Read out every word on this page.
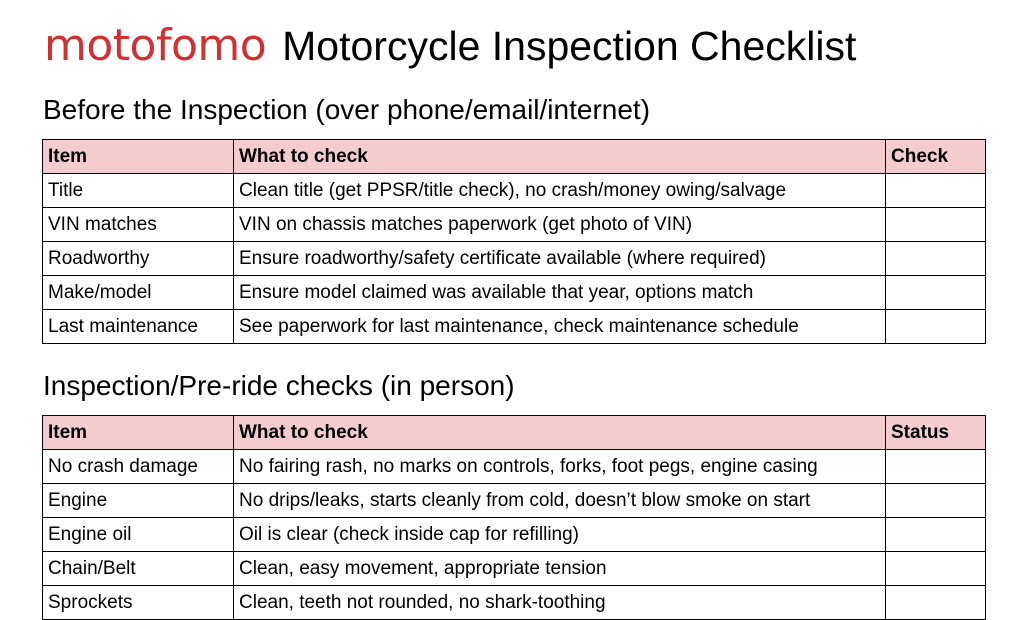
motofomo Motorcycle Inspection Checklist
Before the Inspection (over phone/email/internet)
Item	What to check	Check
Title	Clean title (get PPSR/title check), no crash/money owing/salvage	
VIN matches	VIN on chassis matches paperwork (get photo of VIN)	
Roadworthy	Ensure roadworthy/safety certificate available (where required)	
Make/model	Ensure model claimed was available that year, options match	
Last maintenance	See paperwork for last maintenance, check maintenance schedule	
Inspection/Pre-ride checks (in person)
Item	What to check	Status
No crash damage	No fairing rash, no marks on controls, forks, foot pegs, engine casing	
Engine	No drips/leaks, starts cleanly from cold, doesn’t blow smoke on start	
Engine oil	Oil is clear (check inside cap for refilling)	
Chain/Belt	Clean, easy movement, appropriate tension	
Sprockets	Clean, teeth not rounded, no shark-toothing	
